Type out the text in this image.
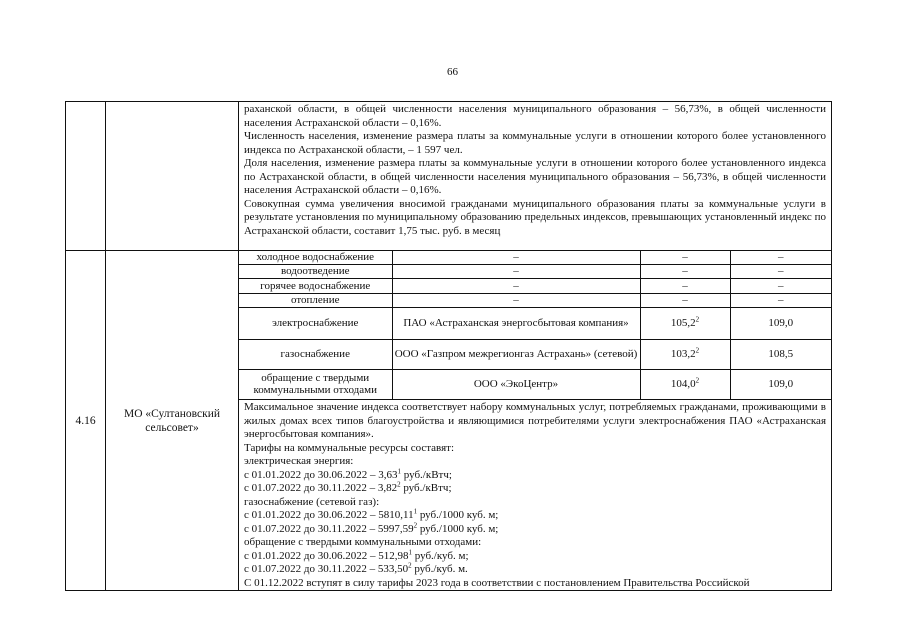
66

раханской области, в общей численности населения муниципального образования – 56,73%, в общей численности населения Астраханской области – 0,16%.

Численность населения, изменение размера платы за коммунальные услуги в отношении которого более установленного индекса по Астраханской области, – 1 597 чел.

Доля населения, изменение размера платы за коммунальные услуги в отношении которого более установленного индекса по Астраханской области, в общей численности населения муниципального образования – 56,73%, в общей численности населения Астраханской области – 0,16%.

Совокупная сумма увеличения вносимой гражданами муниципального образования платы за коммунальные услуги в результате установления по муниципальному образованию предельных индексов, превышающих установленный индекс по Астраханской области, составит 1,75 тыс. руб. в месяц

4.16	
МО «Султановский
сельсовет»

холодное водоснабжение	–	–	–
водоотведение	–	–	–
горячее водоснабжение	–	–	–
отопление	–	–	–
электроснабжение	ПАО «Астраханская энергосбытовая компания»	105,2$^2$	109,0
газоснабжение	ООО «Газпром межрегионгаз Астрахань» (сетевой)	103,2$^2$	108,5
обращение с твердыми коммунальными отходами	ООО «ЭкоЦентр»	104,0$^2$	109,0

Максимальное значение индекса соответствует набору коммунальных услуг, потребляемых гражданами, проживающими в жилых домах всех типов благоустройства и являющимися потребителями услуги электроснабжения ПАО «Астраханская энергосбытовая компания».

Тарифы на коммунальные ресурсы составят:

электрическая энергия:

с 01.01.2022 до 30.06.2022 – 3,63$^1$ руб./кВтч;

с 01.07.2022 до 30.11.2022 – 3,82$^2$ руб./кВтч;

газоснабжение (сетевой газ):

с 01.01.2022 до 30.06.2022 – 5810,11$^1$ руб./1000 куб. м;

с 01.07.2022 до 30.11.2022 – 5997,59$^2$ руб./1000 куб. м;

обращение с твердыми коммунальными отходами:

с 01.01.2022 до 30.06.2022 – 512,98$^1$ руб./куб. м;

с 01.07.2022 до 30.11.2022 – 533,50$^2$ руб./куб. м.

С 01.12.2022 вступят в силу тарифы 2023 года в соответствии с постановлением Правительства Российской
